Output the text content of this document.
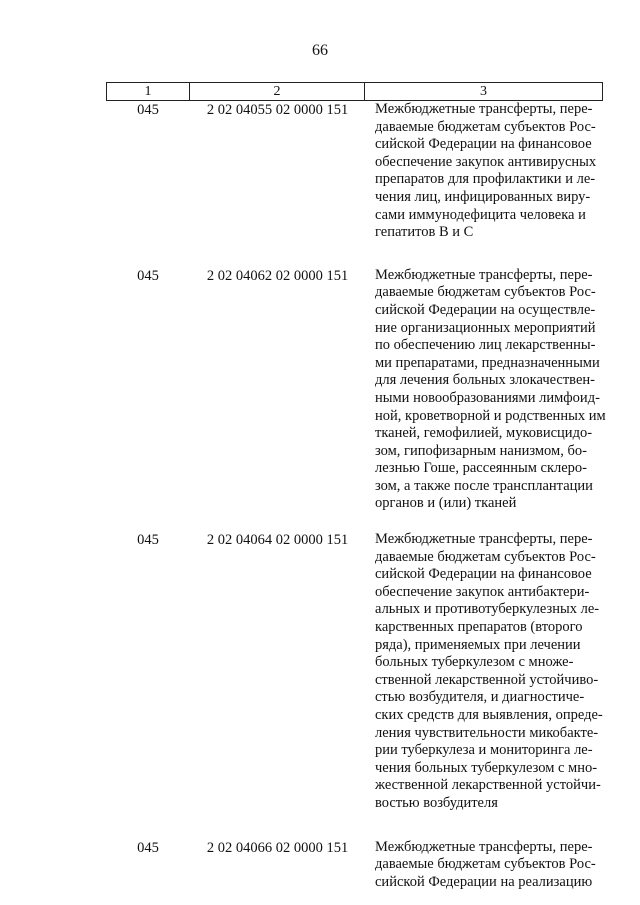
66
1	2	3
045	2 02 04055 02 0000 151	Межбюджетные трансферты, пере-
даваемые бюджетам субъектов Рос-
сийской Федерации на финансовое
обеспечение закупок антивирусных
препаратов для профилактики и ле-
чения лиц, инфицированных виру-
сами иммунодефицита человека и
гепатитов В и С
045	2 02 04062 02 0000 151	Межбюджетные трансферты, пере-
даваемые бюджетам субъектов Рос-
сийской Федерации на осуществле-
ние организационных мероприятий
по обеспечению лиц лекарственны-
ми препаратами, предназначенными
для лечения больных злокачествен-
ными новообразованиями лимфоид-
ной, кроветворной и родственных им
тканей, гемофилией, муковисцидо-
зом, гипофизарным нанизмом, бо-
лезнью Гоше, рассеянным склеро-
зом, а также после трансплантации
органов и (или) тканей
045	2 02 04064 02 0000 151	Межбюджетные трансферты, пере-
даваемые бюджетам субъектов Рос-
сийской Федерации на финансовое
обеспечение закупок антибактери-
альных и противотуберкулезных ле-
карственных препаратов (второго
ряда), применяемых при лечении
больных туберкулезом с множе-
ственной лекарственной устойчиво-
стью возбудителя, и диагностиче-
ских средств для выявления, опреде-
ления чувствительности микобакте-
рии туберкулеза и мониторинга ле-
чения больных туберкулезом с мно-
жественной лекарственной устойчи-
востью возбудителя
045	2 02 04066 02 0000 151	Межбюджетные трансферты, пере-
даваемые бюджетам субъектов Рос-
сийской Федерации на реализацию
